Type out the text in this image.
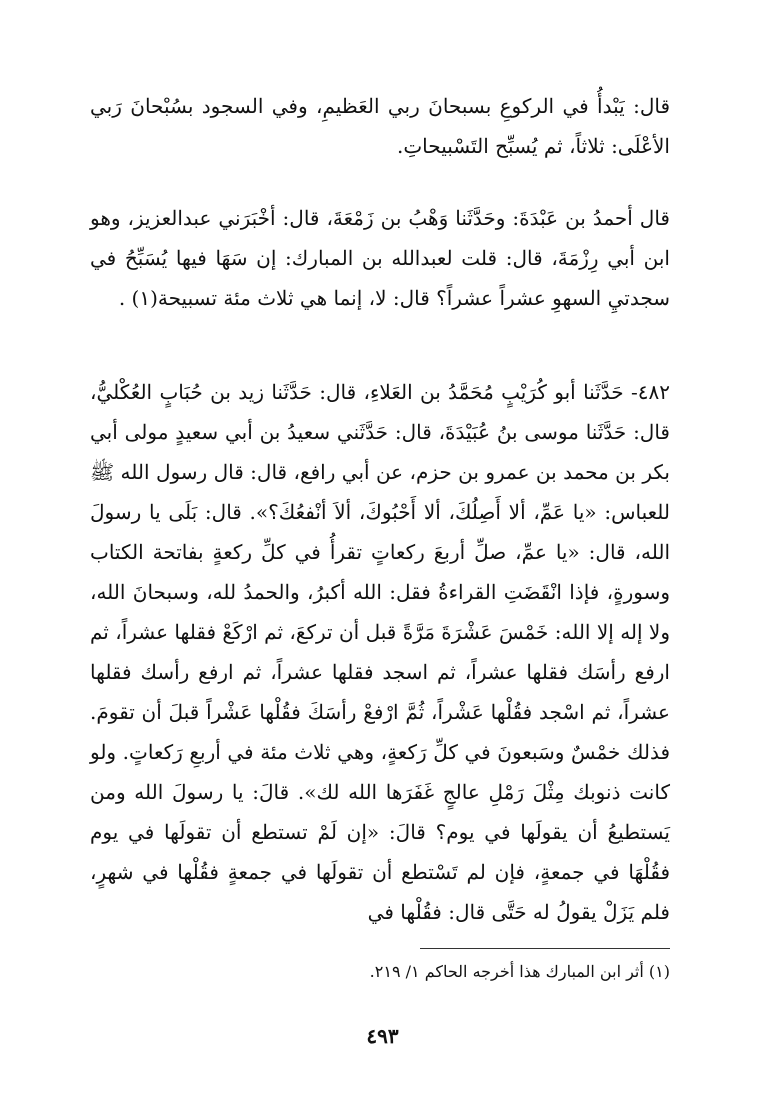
قال: يَبْدأُ في الركوعِ بسبحانَ ربي العَظيمِ، وفي السجود بسُبْحانَ رَبي الأعْلَى: ثلاثاً، ثم يُسبِّح التَسْبيحاتِ.

قال أحمدُ بن عَبْدَةَ: وحَدَّثَنا وَهْبُ بن زَمْعَةَ، قال: أخْبَرَني عبدالعزيز، وهو ابن أبي رِزْمَةَ، قال: قلت لعبدالله بن المبارك: إن سَهَا فيها يُسَبِّحُ في سجدتيِ السهوِ عشراً عشراً؟ قال: لا، إنما هي ثلاث مئة تسبيحة(١) .

٤٨٢- حَدَّثَنا أبو كُرَيْبٍ مُحَمَّدُ بن العَلاءِ، قال: حَدَّثَنا زيد بن حُبَابٍ العُكْليُّ، قال: حَدَّثَنا موسى بنُ عُبَيْدَةَ، قال: حَدَّثَني سعيدُ بن أبي سعيدٍ مولى أبي بكر بن محمد بن عمرو بن حزم، عن أبي رافع، قال: قال رسول الله ﷺ للعباس: «يا عَمِّ، ألا أَصِلُكَ، ألا أَحْبُوكَ، ألاَ أنْفعُكَ؟». قال: بَلَى يا رسولَ الله، قال: «يا عمِّ، صلِّ أربعَ ركعاتٍ تقرأُ في كلِّ ركعةٍ بفاتحة الكتاب وسورةٍ، فإذا انْقَضَتِ القراءةُ فقل: الله أكبرُ، والحمدُ لله، وسبحانَ الله، ولا إله إلا الله: خَمْسَ عَشْرَةَ مَرَّةً قبل أن تركعَ، ثم ارْكَعْ فقلها عشراً، ثم ارفع رأسَك فقلها عشراً، ثم اسجد فقلها عشراً، ثم ارفع رأسك فقلها عشراً، ثم اسْجد فقُلْها عَشْراً، ثُمَّ ارْفعْ رأسَكَ فقُلْها عَشْراً قبلَ أن تقومَ. فذلك خمْسٌ وسَبعونَ في كلِّ رَكعةٍ، وهي ثلاث مئة في أربعِ رَكعاتٍ. ولو كانت ذنوبك مِثْلَ رَمْلِ عالجٍ غَفَرَها الله لك». قالَ: يا رسولَ الله ومن يَستطيعُ أن يقولَها في يوم؟ قالَ: «إن لَمْ تستطع أن تقولَها في يوم فقُلْهَا في جمعةٍ، فإن لم تَسْتطع أن تقولَها في جمعةٍ فقُلْها في شهرٍ، فلم يَزَلْ يقولُ له حَتَّى قال: فقُلْها في

(١) أثر ابن المبارك هذا أخرجه الحاكم ١/ ٢١٩.

٤٩٣
